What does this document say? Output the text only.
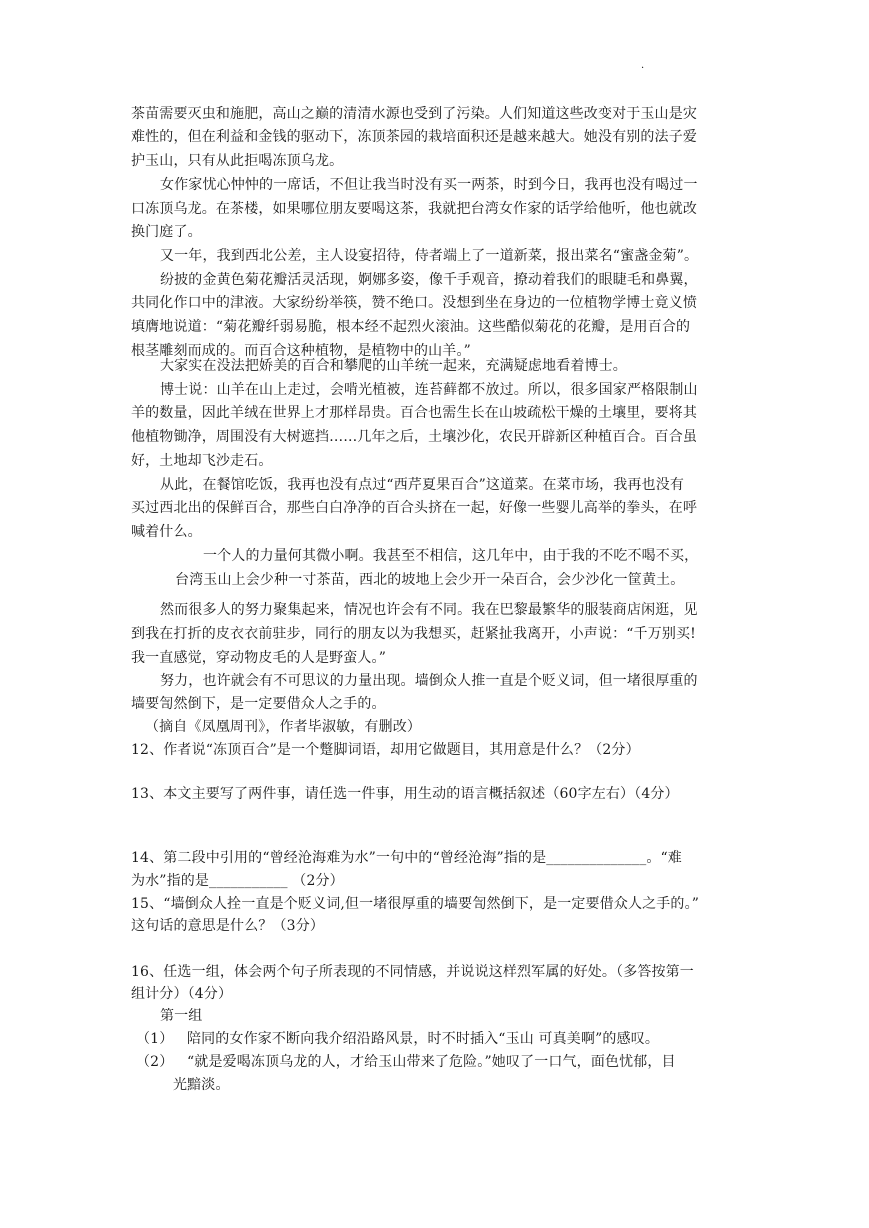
·
茶苗需要灭虫和施肥，高山之巅的清清水源也受到了污染。人们知道这些改变对于玉山是灾
难性的，但在利益和金钱的驱动下，冻顶茶园的栽培面积还是越来越大。她没有别的法子爱
护玉山，只有从此拒喝冻顶乌龙。
女作家忧心忡忡的一席话，不但让我当时没有买一两茶，时到今日，我再也没有喝过一
口冻顶乌龙。在茶楼，如果哪位朋友要喝这茶，我就把台湾女作家的话学给他听，他也就改
换门庭了。
又一年，我到西北公差，主人设宴招待，侍者端上了一道新菜，报出菜名“蜜盏金菊”。
纷披的金黄色菊花瓣活灵活现，婀娜多姿，像千手观音，撩动着我们的眼睫毛和鼻翼，
共同化作口中的津液。大家纷纷举筷，赞不绝口。没想到坐在身边的一位植物学博士竟义愤
填膺地说道：“菊花瓣纤弱易脆，根本经不起烈火滚油。这些酷似菊花的花瓣，是用百合的
根茎雕刻而成的。而百合这种植物，是植物中的山羊。”
大家实在没法把娇美的百合和攀爬的山羊统一起来，充满疑虑地看着博士。
博士说：山羊在山上走过，会啃光植被，连苔藓都不放过。所以，很多国家严格限制山
羊的数量，因此羊绒在世界上才那样昂贵。百合也需生长在山坡疏松干燥的土壤里，要将其
他植物锄净，周围没有大树遮挡……几年之后，土壤沙化，农民开辟新区种植百合。百合虽
好，土地却飞沙走石。
从此，在餐馆吃饭，我再也没有点过“西芹夏果百合”这道菜。在菜市场，我再也没有
买过西北出的保鲜百合，那些白白净净的百合头挤在一起，好像一些婴儿高举的拳头，在呼
喊着什么。
一个人的力量何其微小啊。我甚至不相信，这几年中，由于我的不吃不喝不买，
台湾玉山上会少种一寸茶苗，西北的坡地上会少开一朵百合，会少沙化一筐黄土。
然而很多人的努力聚集起来，情况也许会有不同。我在巴黎最繁华的服装商店闲逛，见
到我在打折的皮衣衣前驻步，同行的朋友以为我想买，赶紧扯我离开，小声说：“千万别买!
我一直感觉，穿动物皮毛的人是野蛮人。”
努力，也许就会有不可思议的力量出现。墙倒众人推一直是个贬义词，但一堵很厚重的
墙要訇然倒下，是一定要借众人之手的。
（摘自《凤凰周刊》，作者毕淑敏，有删改）
12、作者说“冻顶百合”是一个蹩脚词语，却用它做题目，其用意是什么？（2分）
13、本文主要写了两件事，请任选一件事，用生动的语言概括叙述（60字左右）（4分）
14、第二段中引用的“曾经沧海难为水”一句中的“曾经沧海”指的是______________。“难
为水”指的是___________ （2分）
15、“墙倒众人拴一直是个贬义词,但一堵很厚重的墙要訇然倒下，是一定要借众人之手的。”
这句话的意思是什么？（3分）
16、任选一组，体会两个句子所表现的不同情感，并说说这样烈军属的好处。（多答按第一
组计分）（4分）
第一组
（1） 陪同的女作家不断向我介绍沿路风景，时不时插入“玉山 可真美啊”的感叹。
（2） “就是爱喝冻顶乌龙的人，才给玉山带来了危险。”她叹了一口气，面色忧郁，目
光黯淡。
